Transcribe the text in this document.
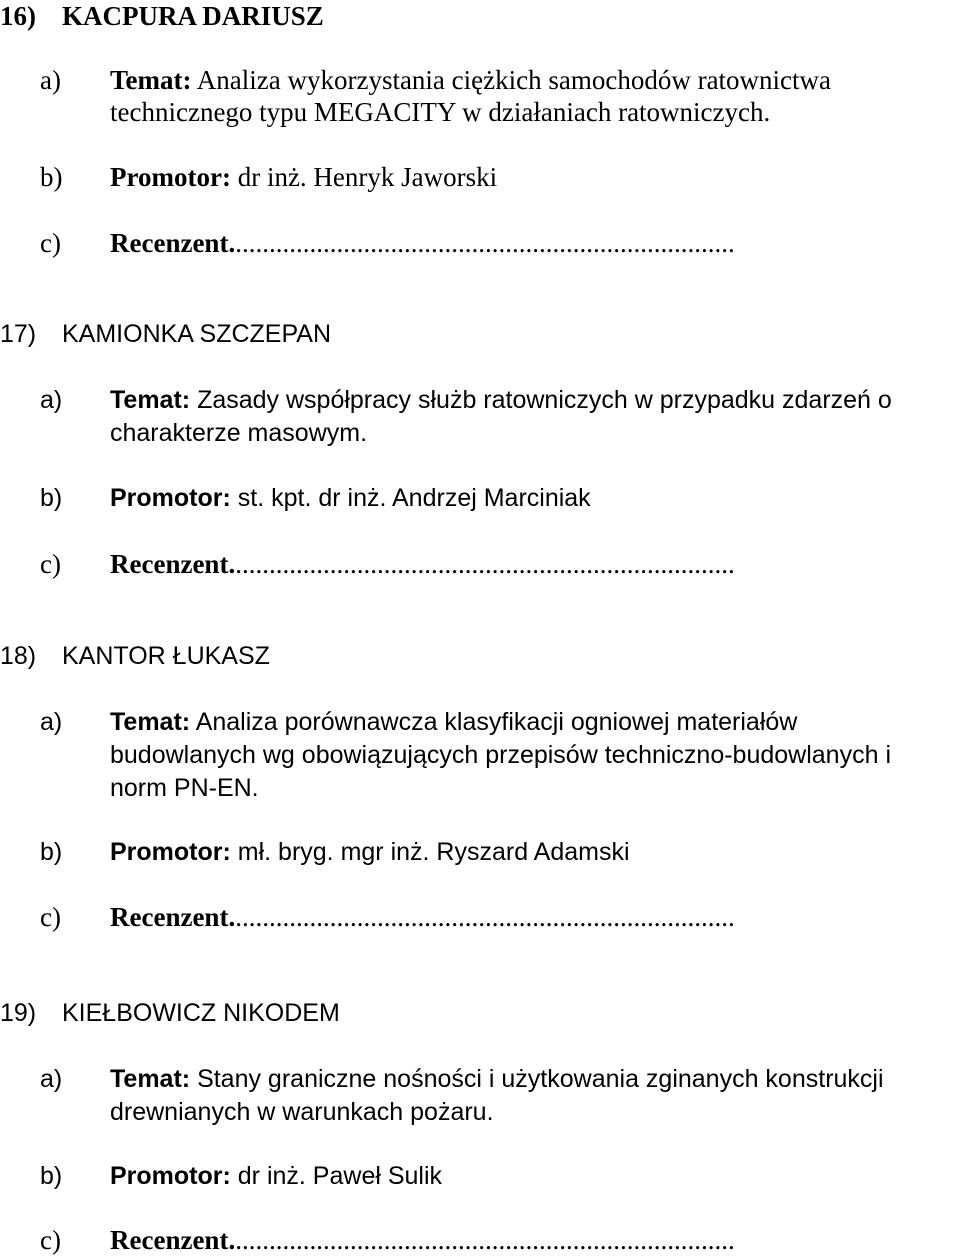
16) KACPURA DARIUSZ
a) Temat: Analiza wykorzystania ciężkich samochodów ratownictwa
technicznego typu MEGACITY w działaniach ratowniczych.
b) Promotor: dr inż. Henryk Jaworski
c) Recenzent...........................................................................
17) KAMIONKA SZCZEPAN
a) Temat: Zasady współpracy służb ratowniczych w przypadku zdarzeń o
charakterze masowym.
b) Promotor: st. kpt. dr inż. Andrzej Marciniak
c) Recenzent...........................................................................
18) KANTOR ŁUKASZ
a) Temat: Analiza porównawcza klasyfikacji ogniowej materiałów
budowlanych wg obowiązujących przepisów techniczno-budowlanych i
norm PN-EN.
b) Promotor: mł. bryg. mgr inż. Ryszard Adamski
c) Recenzent...........................................................................
19) KIEŁBOWICZ NIKODEM
a) Temat: Stany graniczne nośności i użytkowania zginanych konstrukcji
drewnianych w warunkach pożaru.
b) Promotor: dr inż. Paweł Sulik
c) Recenzent...........................................................................
